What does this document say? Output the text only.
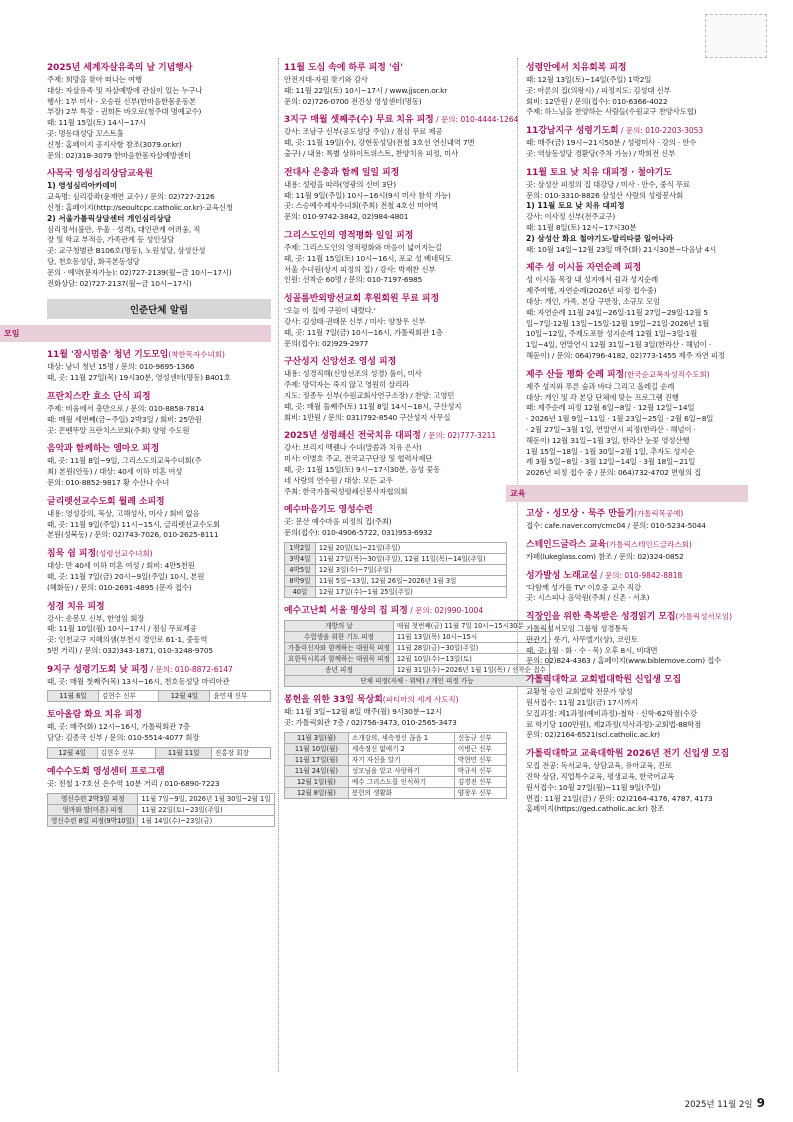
2025년 세계자살유족의 날 기념행사
주제: 희망을 찾아 떠나는 여행
대상: 자살유족 및 자살예방에 관심이 있는 누구나
행사: 1부 미사 - 오승원 신부(한마음한몸운동본
부장) 2부 특강 - 권희돈 바오로(청주대 명예교수)
때: 11월 15일(토) 14시~17시
곳: 명동대성당 꼬스트홀
신청: 홈페이지 공지사항 참조(3079.or.kr)
문의: 02)318-3079 한마음한몸자살예방센터
사목국 영성심리상담교육원
1) 영성심리아카데미
교육명: 심리강좌(윤재연 교수) / 문의: 02)727-2126
신청: 홈페이지(http://seoultcpc.catholic.or.kr)-교육신청
2) 서울가톨릭상담센터 개인심리상담
심리정서(불안, 우울 · 성격), 대인관계 어려움, 직
장 및 학교 부적응, 가족관계 등 성인상담
곳: 교구청별관 B106호(명동), 노원성당, 삼성산성
당, 천호동성당, 화곡본동성당
문의 · 예약(문자가능): 02)727-2139(월~금 10시~17시)
전화상담: 02)727-2137(월~금 10시~17시)
인준단체 알림
모임
11월 '잠시멈춤' 청년 기도모임(착한목자수녀회)
대상: 남녀 청년 15명 / 문의: 010-9695-1366
때, 곳: 11월 27일(목) 19시30분, 영성센터(명동) B401호
프란치스칸 효소 단식 피정
주제: 비움에서 충만으로 / 문의: 010-8858-7814
때: 매월 세번째(금~주일) 2박3일 / 회비: 25만원
곳: 꼰벤뚜알 프란치스코회(주최) 양평 수도원
음악과 함께하는 엠마오 피정
때, 곳: 11월 8일~9일, 그리스도의교육수녀회(주
최) 본원(안동) / 대상: 40세 이하 미혼 여성
문의: 010-8852-9817 황 수산나 수녀
글리렛선교수도회 월례 소피정
내용: 영성강의, 묵상, 고해성사, 미사 / 회비 없음
때, 곳: 11월 9일(주일) 11시~15시, 글리렛선교수도회
본원(성북동) / 문의: 02)743-7026, 010-2625-8111
침묵 쉼 피정(성령선교수녀회)
대상: 만 40세 이하 미혼 여성 / 회비: 4만5천원
때, 곳: 11월 7일(금) 20시~9일(주일) 10시, 본원
(혜화동) / 문의: 010-2691-4895 (문자 접수)
성경 치유 피정
강사: 송봉모 신부, 한영임 회장
때: 11월 10일(월) 10시~17시 / 점심 무료제공
곳: 인천교구 지혜의샘(부천시 경인로 61-1, 중동역
5번 거리) / 문의: 032)343-1871, 010-3248-9705
9지구 성령기도회 낮 피정 / 문의: 010-8872-6147
때, 곳: 매월 첫째주(목) 13시~16시, 천호동성당 마리아관
11월 6일	김현수 신부	12월 4일	윤민재 신부
토아올람 화요 치유 피정
때, 곳: 매주(화) 12시~16시, 가톨릭회관 7층
담당: 김종국 신부 / 문의: 010-5514-4077 회장
12월 4일	김현수 신부	11월 11일	진홍장 회장
예수수도회 영성센터 프로그램
곳: 전철 1·7호선 온수역 10분 거리 / 010-6890-7223
영신수련 2박3일 피정	11월 7일~9일, 2026년 1월 30일~2월 1일
엄마와 딸(미혼) 피정	11월 22일(토)~23일(주일)
영신수련 8일 피정(9박10일)	1월 14일(수)~23일(금)
11월 도심 속에 하루 피정 '쉼'
안전지대-자원 찾기와 감사
때: 11월 22일(토) 10시~17시 / www.jjscen.or.kr
문의: 02)726-0700 전진상 영성센터(명동)
3지구 매월 셋째주(수) 무료 치유 피정 / 문의: 010-4444-1264
강사: 조남구 신부(공도성당 주임) / 점심 무료 제공
때, 곳: 11월 19일(수), 강현동성당(전철 3호선 연신내역 7번
출구) / 내용: 특별 상하이트위스트, 찬양치유 피정, 미사
전대사 은총과 함께 일일 피정
내용: 성령을 따라(영광의 신비 3단)
때: 11월 9일(주일) 10시~16시(9시 미사 참석 가능)
곳: 스승예수제자수녀회(주최) 전철 4호선 미아역
문의: 010-9742-3842, 02)984-4801
그리스도인의 영적평화 일일 피정
주제: 그리스도인의 영적평화와 마음이 넓어지는길
때, 곳: 11월 15일(토) 10시~16시, 포교 성 베네딕도
서울 수녀원(상지 피정의 집) / 강사: 박재찬 신부
인원: 선착순 60명 / 문의: 010-7197-6985
성골롬반외방선교회 후원회원 무료 피정
'오늘 이 집에 구원이 내렸다.'
강사: 김성태·권태문 신부 / 미사: 양창우 신부
때, 곳: 11월 7일(금) 10시~16시, 가톨릭회관 1층
문의(접수): 02)929-2977
구산성지 신앙선조 영성 피정
내용: 성경직해(신앙선조의 성경) 풀이, 미사
주제: 망덕자는 죽지 않고 영원히 살리라
지도: 정종두 신부(수원교회사연구소장) / 찬양: 고영민
때, 곳: 매월 둘째주(토) 11월 8일 14시~18시, 구산성지
회비: 1만원 / 문의: 031)792-8540 구산성지 사무실
2025년 성령쇄신 전국치유 대피정 / 문의: 02)777-3211
강사: 브리지 맥퀜나 수녀(말씀과 치유 은사)
미사: 이병호 주교, 전국교구단장 및 협력사제단
때, 곳: 11월 15일(토) 9시~17시30분, 음성 꽃동
네 사랑의 연수원 / 대상: 모든 교우
주최: 한국가톨릭성령쇄신봉사자협의회
예수마음기도 영성수련
곳: 문산 예수마음 피정의 집(주최)
문의(접수): 010-4906-5722, 031)953-6932
1박2일	12월 20일(토)~21일(주일)
3박4일	11월 27일(목)~30일(주일), 12월 11일(목)~14일(주일)
4박5일	12월 3일(수)~7일(주일)
8박9일	11월 5일~13일, 12월 26일~2026년 1월 3일
40일	12월 17일(수)~1월 25일(주일)
예수고난회 서울 명상의 집 피정 / 문의: 02)990-1004
개방의 날	매월 첫번째(금) 11월 7일 10시~15시30분
수험생을 위한 기도 피정	11월 13일(목) 10시~15시
가톨릭신자와 함께하는 대림묵 피정	11월 28일(금)~30일(주일)
요한묵시록과 함께하는 대림묵 피정	12월 10일(수)~13일(토)
송년 피정	12월 31일(수)~2026년 1월 1일(목) / 선착순 접수
단체 피정(자체 · 위탁) / 개인 피정 가능	
봉헌을 위한 33일 묵상회(파티마의 세계 사도직)
때: 11월 3일~12월 8일 매주(월) 9시30분~12시
곳: 가톨릭회관 7층 / 02)756-3473, 010-2565-3473
11월 3일(월)	소개강의, 세속정신 끊음 1	신동규 신부
11월 10일(월)	세속정신 없애기 2	이병근 신부
11월 17일(월)	자기 자신을 알기	박현민 신부
11월 24일(월)	성모님을 알고 사랑하기	박규식 신부
12월 1일(월)	예수 그리스도를 인식하기	김경진 신부
12월 8일(월)	봉헌의 생활화	양창우 신부
성령안에서 치유회복 피정
때: 12월 13일(토)~14일(주일) 1박2일
곳: 아론의 집(의왕시) / 피정지도: 김성대 신부
회비: 12만원 / 문의(접수): 010-6366-4022
주제: 하느님을 찬양하는 사람들(수원교구 찬양사도협)
11강남지구 성령기도회 / 문의: 010-2203-3053
때: 매주(금) 19시~21시50분 / 성령미사 · 강의 · 안수
곳: 역삼동성당 경환당(주차 가능) / 박희전 신부
11월 토요 낮 치유 대피정 · 철야기도
곳: 삼성산 피정의 집 대강당 / 미사 · 안수, 중식 무료
문의: 010-3310-8826 삼성산 사랑의 성령봉사회
1) 11월 토요 낮 치유 대피정
강사: 이사정 신부(전주교구)
때: 11월 8일(토) 12시~17시30분
2) 삼성산 화요 철야기도-탈리타쿰 일어나라
때: 10월 14일~12월 23일 매주(화) 21시30분~다음날 4시
제주 성 이시돌 자연순례 피정
성 이시돌 목장 내 성지에서 쉼과 성지순례
제주여행, 자연순례(2026년 피정 접수중)
대상: 개인, 가족, 본당 구반장, 소규모 모임
때: 자연순례 11월 24일~26일·11월 27일~29일·12월 5
일~7일·12월 13일~15일·12월 19일~21일·2026년 1월
10일~12일, 주제도포함 성지순례 12월 1일~3일·1월
1일~4일, 연말연시 12월 31일~1월 3일(한라산 · 해넘이 ·
해돋이) / 문의: 064)796-4182, 02)773-1455 제주 자연 피정
제주 산들 평화 순례 피정(한국순교복자성직수도회)
제주 성지와 푸른 숲과 바다 그리고 올레길 순례
대상: 개인 및 각 본당 단체에 맞는 프로그램 진행
때: 제주순례 피정 12월 6일~8일 · 12월 12일~14일
· 2026년 1월 9일~11일 · 1월 23일~25일 · 2월 6일~8일
· 2월 27일~3월 1일, 연말연시 피정(한라산 · 해넘이 ·
해돋이) 12월 31일~1월 3일, 한라산 눈꽃 영성산행
1월 15일~18일 · 1월 30일~2월 1일, 추자도 성지순
례 3월 5일~8일 · 3월 12일~14일 · 3월 18일~21일
2026년 피정 접수 중 / 문의: 064)732-4702 면형의 집
교육
고상 · 성모상 · 묵주 만들기(가톨릭목공예)
접수: cafe.naver.com/cmc04 / 문의: 010-5234-5044
스테인드글라스 교육(가톨릭스테인드글라스회)
카페(lukeglass.com) 참조 / 문의: 02)324-0852
성가발성 노래교실 / 문의: 010-9842-8818
'다함께 성가를 TV' 이호중 교수 직강
곳: 시스피나 음악원(주최 / 신촌 · 서초)
직장인을 위한 축복받은 성경읽기 모집(가톨릭성서모임)
가톨릭성서모임 그룹형 성경통독
판관기 · 룻기, 사무엘기(상), 코린토
때, 곳: (월 · 화 · 수 · 목) 오후 8시, 비대면
문의: 02)824-4363 / 홈페이지(www.biblemove.com) 접수
가톨릭대학교 교회법대학원 신입생 모집
교황청 승인 교회법학 전문가 양성
원서접수: 11월 21일(금) 17시까지
모집과정: 제1과정(예비과정)-철학 · 신학-62학점(수강
료 학기당 100만원), 제2과정(석사과정)-교회법-88학점
문의: 02)2164-6521(scl.catholic.ac.kr)
가톨릭대학교 교육대학원 2026년 전기 신입생 모집
모집 전공: 독서교육, 상담교육, 유아교육, 진로
진학 상담, 직업특수교육, 평생교육, 한국어교육
원서접수: 10월 27일(월)~11월 9일(주일)
면접: 11월 21일(금) / 문의: 02)2164-4176, 4787, 4173
홈페이지(https://ged.catholic.ac.kr) 참조
2025년 11월 2일 9
